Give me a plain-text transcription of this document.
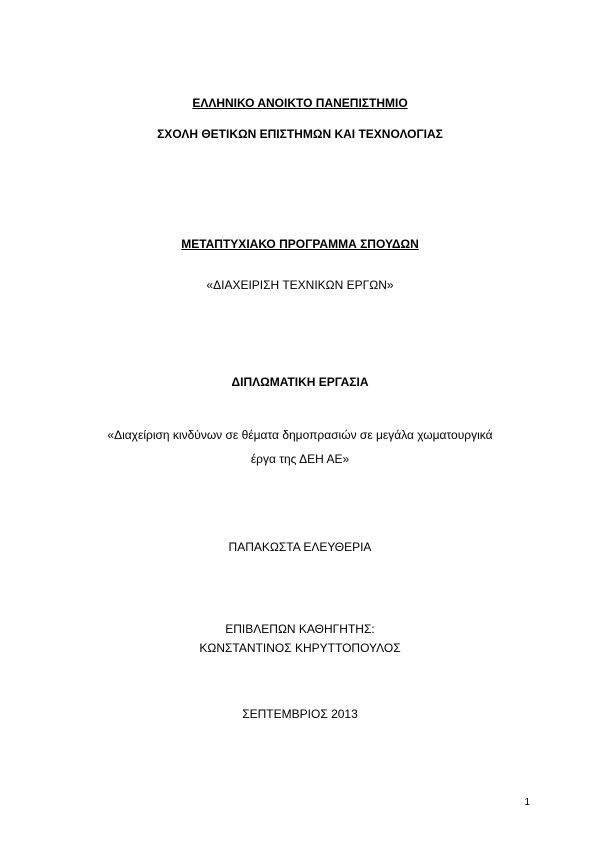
ΕΛΛΗΝΙΚΟ ΑΝΟΙΚΤΟ ΠΑΝΕΠΙΣΤΗΜΙΟ
ΣΧΟΛΗ ΘΕΤΙΚΩΝ ΕΠΙΣΤΗΜΩΝ ΚΑΙ ΤΕΧΝΟΛΟΓΙΑΣ
ΜΕΤΑΠΤΥΧΙΑΚΟ ΠΡΟΓΡΑΜΜΑ ΣΠΟΥΔΩΝ
«ΔΙΑΧΕΙΡΙΣΗ ΤΕΧΝΙΚΩΝ ΕΡΓΩΝ»
ΔΙΠΛΩΜΑΤΙΚΗ ΕΡΓΑΣΙΑ
«Διαχείριση κινδύνων σε θέματα δημοπρασιών σε μεγάλα χωματουργικά
έργα της ΔΕΗ ΑΕ»
ΠΑΠΑΚΩΣΤΑ ΕΛΕΥΘΕΡΙΑ
ΕΠΙΒΛΕΠΩΝ ΚΑΘΗΓΗΤΗΣ:
ΚΩΝΣΤΑΝΤΙΝΟΣ ΚΗΡΥΤΤΟΠΟΥΛΟΣ
ΣΕΠΤΕΜΒΡΙΟΣ 2013
1
